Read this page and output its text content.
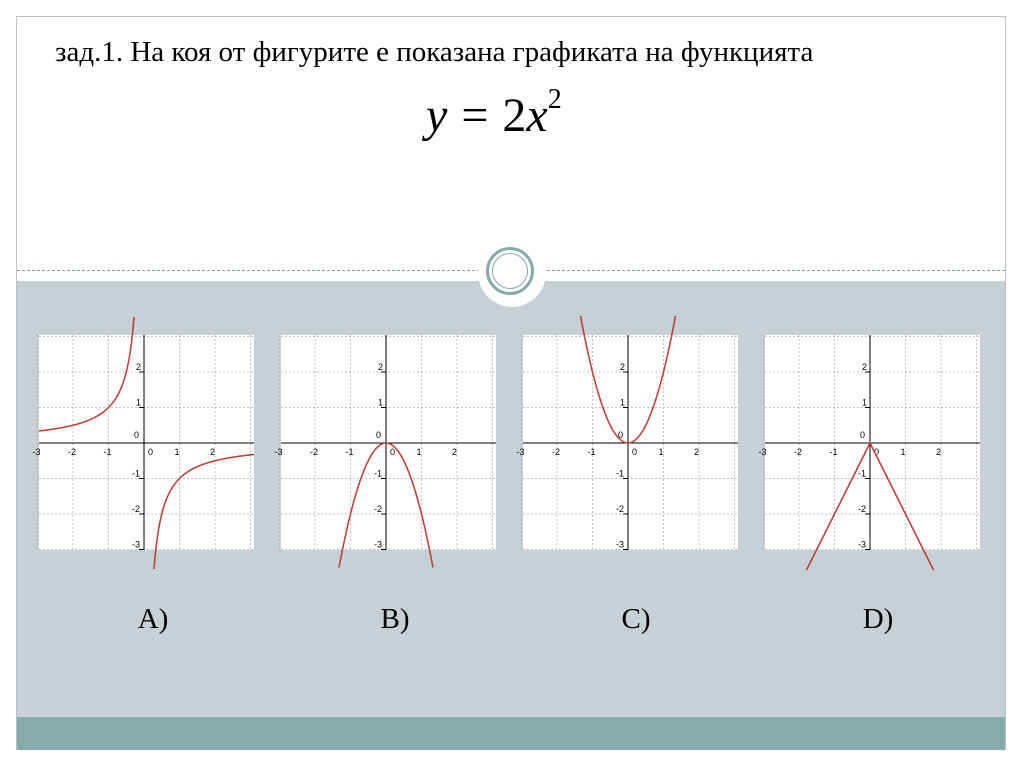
зад.1. На коя от фигурите е показана графиката на функцията
$y = 2x^2$
-3	-2	-1	0 1	2
2
1
0
-1
-2
-3
-3	-2	-1	0 1	2
2
1
0
-1
-2
-3
-3	-2	-1	0 1	2
2
1
0
-1
-2
-3
-3	-2	-1	0 1	2
2
1
0
-1
-2
-3
A)	B)	C)	D)
